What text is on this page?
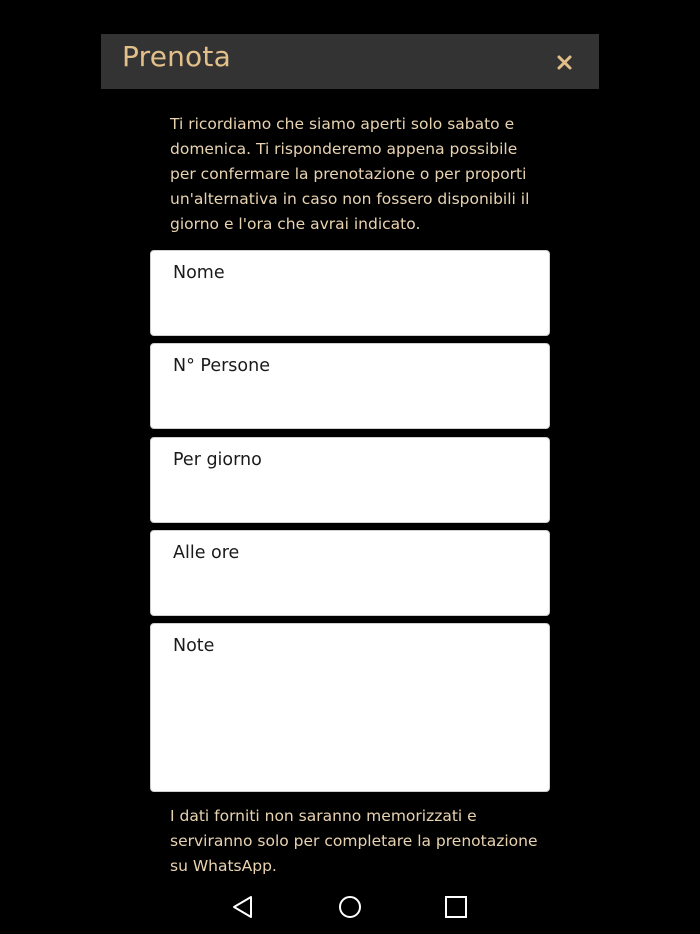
Prenota
Ti ricordiamo che siamo aperti solo sabato e domenica. Ti risponderemo appena possibile per confermare la prenotazione o per proporti un'alternativa in caso non fossero disponibili il giorno e l'ora che avrai indicato.
Nome
N° Persone
Per giorno
Alle ore
Note
I dati forniti non saranno memorizzati e serviranno solo per completare la prenotazione su WhatsApp.
